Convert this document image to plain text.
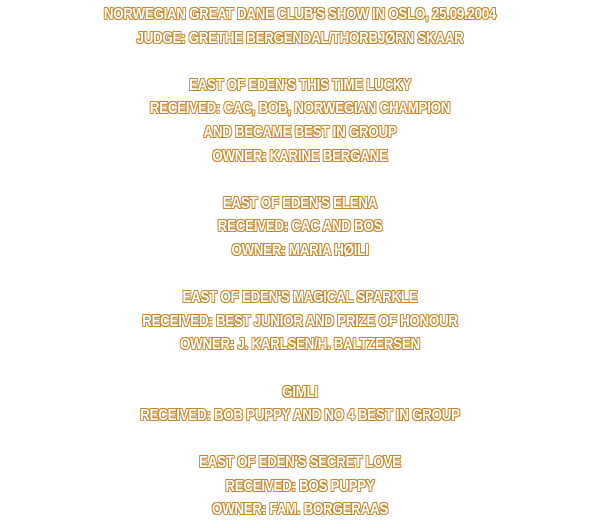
NORWEGIAN GREAT DANE CLUB'S SHOW IN OSLO, 25.09.2004
JUDGE: GRETHE BERGENDAL/THORBJØRN SKAAR
EAST OF EDEN'S THIS TIME LUCKY
RECEIVED: CAC, BOB, NORWEGIAN CHAMPION
AND BECAME BEST IN GROUP
OWNER: KARINE BERGANE
EAST OF EDEN'S ELENA
RECEIVED: CAC AND BOS
OWNER: MARIA HØILI
EAST OF EDEN'S MAGICAL SPARKLE
RECEIVED: BEST JUNIOR AND PRIZE OF HONOUR
OWNER: J. KARLSEN/H. BALTZERSEN
GIMLI
RECEIVED: BOB PUPPY AND NO 4 BEST IN GROUP
EAST OF EDEN'S SECRET LOVE
RECEIVED: BOS PUPPY
OWNER: FAM. BORGERAAS
